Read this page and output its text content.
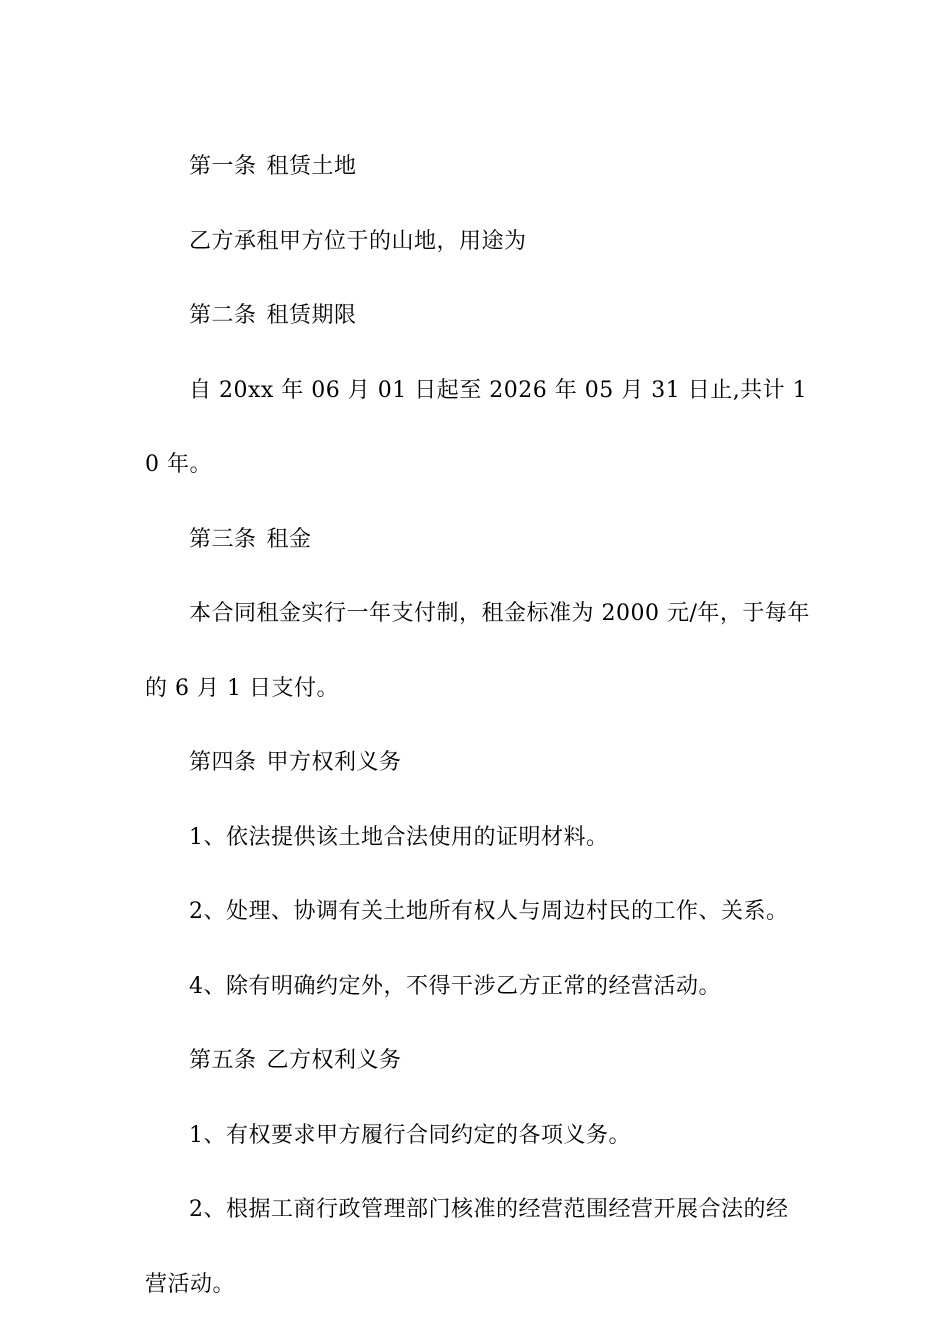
第一条 租赁土地

乙方承租甲方位于的山地，用途为

第二条 租赁期限

自 20xx 年 06 月 01 日起至 2026 年 05 月 31 日止,共计 10 年。

第三条 租金

本合同租金实行一年支付制，租金标准为 2000 元/年，于每年的 6 月 1 日支付。

第四条 甲方权利义务

1、依法提供该土地合法使用的证明材料。

2、处理、协调有关土地所有权人与周边村民的工作、关系。

4、除有明确约定外，不得干涉乙方正常的经营活动。

第五条 乙方权利义务

1、有权要求甲方履行合同约定的各项义务。

2、根据工商行政管理部门核准的经营范围经营开展合法的经营活动。
